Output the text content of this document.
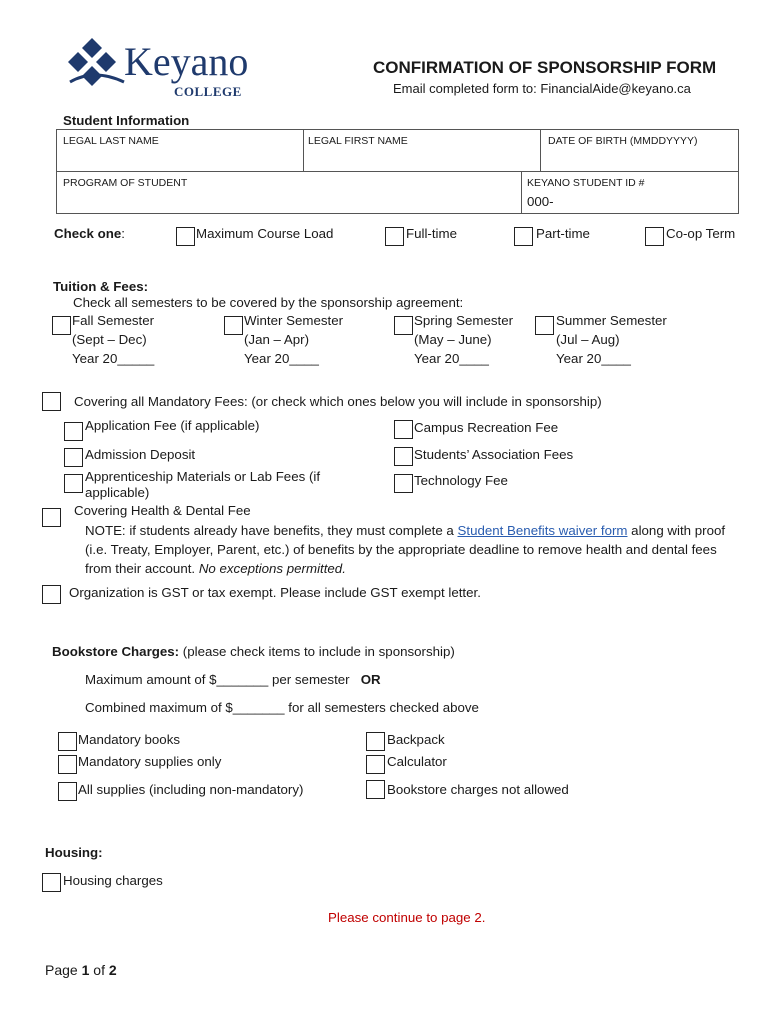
Keyano
COLLEGE
CONFIRMATION OF SPONSORSHIP FORM
Email completed form to: FinancialAide@keyano.ca
Student Information
LEGAL LAST NAME	LEGAL FIRST NAME	DATE OF BIRTH (MMDDYYYY)
PROGRAM OF STUDENT	KEYANO STUDENT ID #
000-
Check one:	Maximum Course Load	Full-time	Part-time	Co-op Term
Tuition & Fees:
Check all semesters to be covered by the sponsorship agreement:
Fall Semester
(Sept – Dec)
Year 20_____
Winter Semester
(Jan – Apr)
Year 20____
Spring Semester
(May – June)
Year 20____
Summer Semester
(Jul – Aug)
Year 20____
Covering all Mandatory Fees: (or check which ones below you will include in sponsorship)
Application Fee (if applicable)
Admission Deposit
Apprenticeship Materials or Lab Fees (if applicable)
Campus Recreation Fee
Students’ Association Fees
Technology Fee
Covering Health & Dental Fee
NOTE: if students already have benefits, they must complete a Student Benefits waiver form along with proof (i.e. Treaty, Employer, Parent, etc.) of benefits by the appropriate deadline to remove health and dental fees from their account. No exceptions permitted.
Organization is GST or tax exempt. Please include GST exempt letter.
Bookstore Charges: (please check items to include in sponsorship)
Maximum amount of $_______ per semester OR
Combined maximum of $_______ for all semesters checked above
Mandatory books
Mandatory supplies only
All supplies (including non-mandatory)
Backpack
Calculator
Bookstore charges not allowed
Housing:
Housing charges
Please continue to page 2.
Page 1 of 2
